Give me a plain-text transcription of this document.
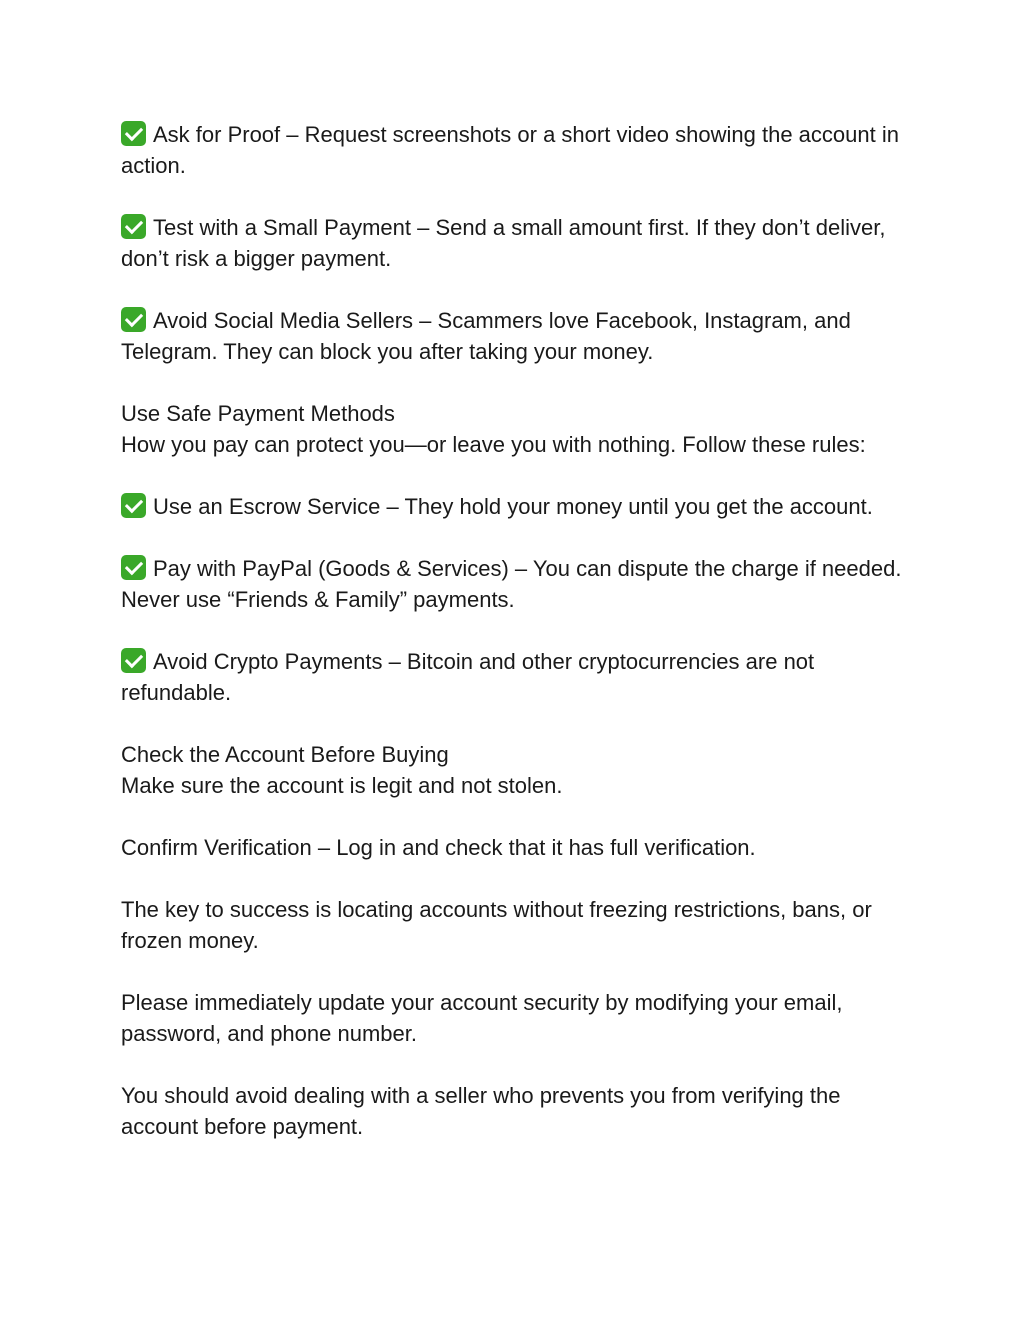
Ask for Proof – Request screenshots or a short video showing the account in action.

Test with a Small Payment – Send a small amount first. If they don’t deliver, don’t risk a bigger payment.

Avoid Social Media Sellers – Scammers love Facebook, Instagram, and Telegram. They can block you after taking your money.

Use Safe Payment Methods
How you pay can protect you—or leave you with nothing. Follow these rules:

Use an Escrow Service – They hold your money until you get the account.

Pay with PayPal (Goods & Services) – You can dispute the charge if needed. Never use “Friends & Family” payments.

Avoid Crypto Payments – Bitcoin and other cryptocurrencies are not refundable.

Check the Account Before Buying
Make sure the account is legit and not stolen.

Confirm Verification – Log in and check that it has full verification.

The key to success is locating accounts without freezing restrictions, bans, or frozen money.

Please immediately update your account security by modifying your email, password, and phone number.

You should avoid dealing with a seller who prevents you from verifying the account before payment.
